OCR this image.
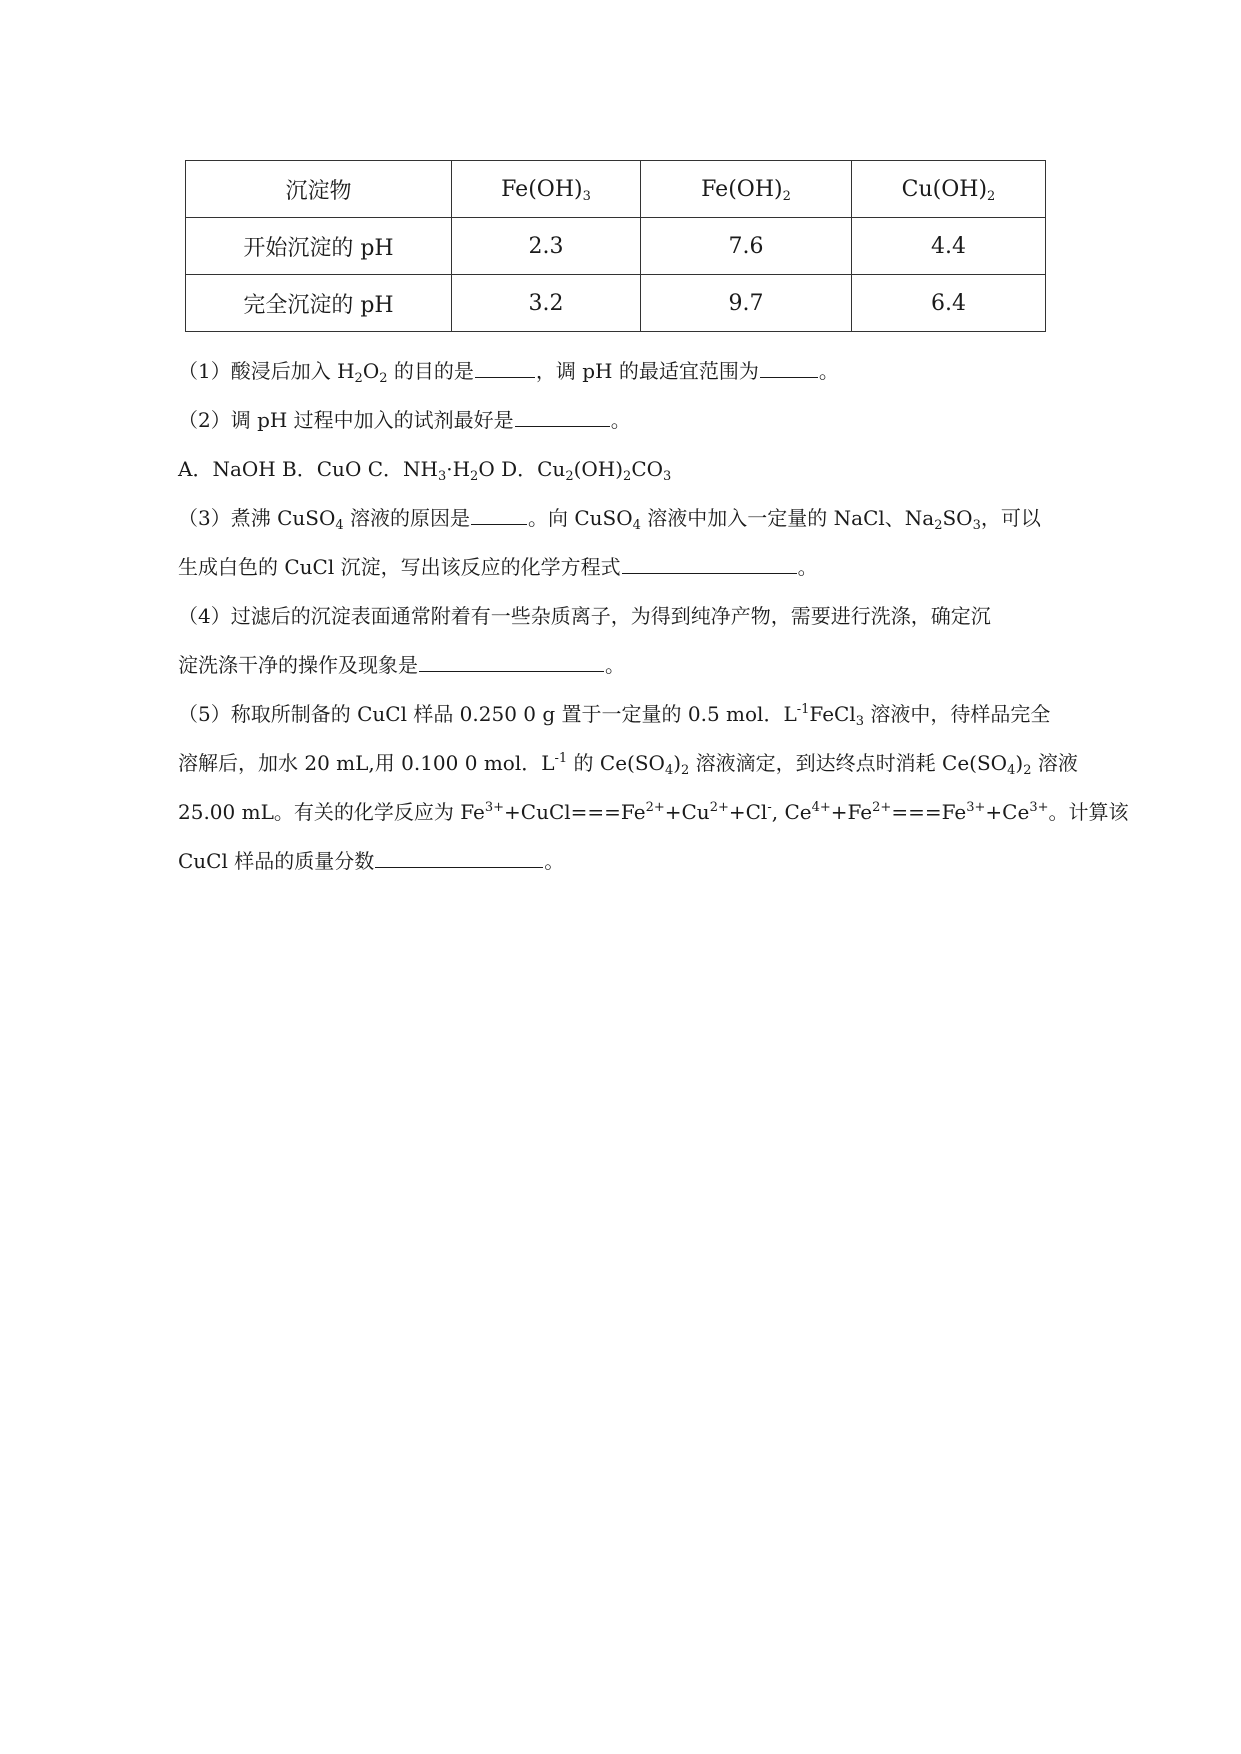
沉淀物	$Fe(OH)_3$	$Fe(OH)_2$	$Cu(OH)_2$
开始沉淀的 pH	2.3	7.6	4.4
完全沉淀的 pH	3.2	9.7	6.4
（1）酸浸后加入 $H_2O_2$ 的目的是	，调 pH 的最适宜范围为	。
（2）调 pH 过程中加入的试剂最好是	。
A．NaOH B．CuO C．$NH_3\cdot H_2O$ D．$Cu_2(OH)_2CO_3$
（3）煮沸 CuSO$_4$ 溶液的原因是	。向 CuSO$_4$ 溶液中加入一定量的 NaCl、$Na_2SO_3$，可以
生成白色的 CuCl 沉淀，写出该反应的化学方程式	。
（4）过滤后的沉淀表面通常附着有一些杂质离子，为得到纯净产物，需要进行洗涤，确定沉
淀洗涤干净的操作及现象是	。
（5）称取所制备的 CuCl 样品 0.250 0 g 置于一定量的 0.5 mol．$L^{-1}FeCl_3$ 溶液中，待样品完全
溶解后，加水 20 mL,用 0.100 0 mol．$L^{-1}$ 的 $Ce(SO_4)_2$ 溶液滴定，到达终点时消耗 $Ce(SO_4)_2$ 溶液
25.00 mL。有关的化学反应为 $Fe^{3+}+CuCl===Fe^{2+}+Cu^{2+}+Cl^-$, $Ce^{4+}+Fe^{2+}===Fe^{3+}+Ce^{3+}$。计算该
CuCl 样品的质量分数	。
